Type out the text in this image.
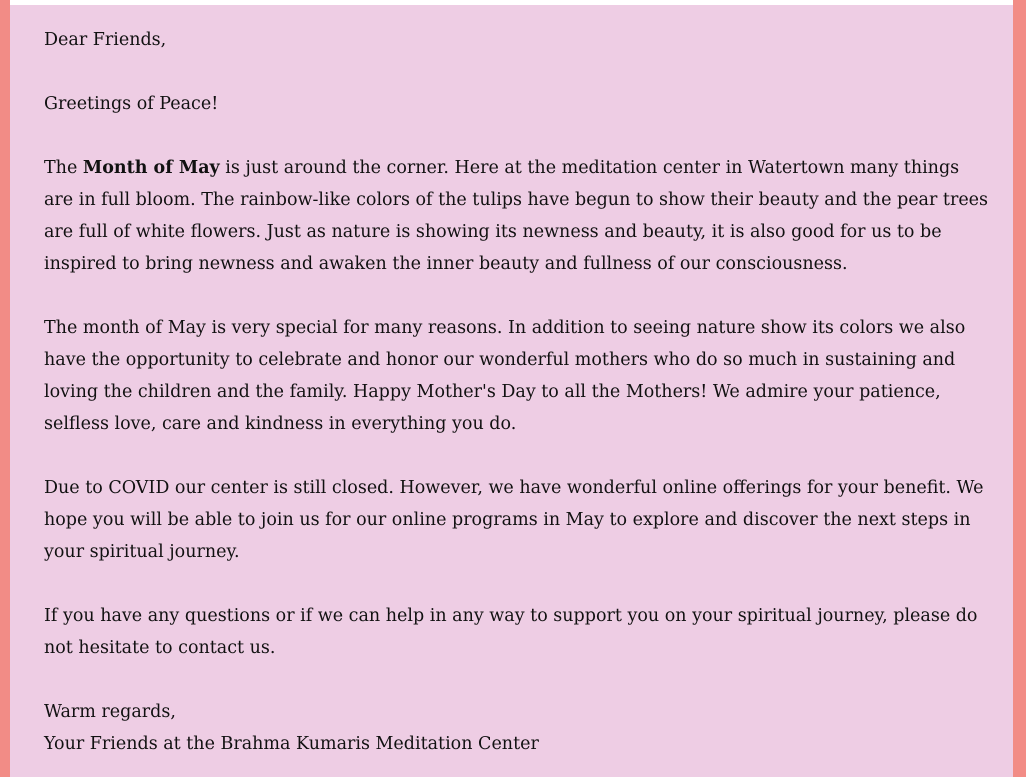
Dear Friends,

Greetings of Peace!

The Month of May is just around the corner. Here at the meditation center in Watertown many things are in full bloom. The rainbow-like colors of the tulips have begun to show their beauty and the pear trees are full of white flowers. Just as nature is showing its newness and beauty, it is also good for us to be inspired to bring newness and awaken the inner beauty and fullness of our consciousness.

The month of May is very special for many reasons. In addition to seeing nature show its colors we also have the opportunity to celebrate and honor our wonderful mothers who do so much in sustaining and loving the children and the family. Happy Mother's Day to all the Mothers! We admire your patience, selfless love, care and kindness in everything you do.

Due to COVID our center is still closed. However, we have wonderful online offerings for your benefit. We hope you will be able to join us for our online programs in May to explore and discover the next steps in your spiritual journey.

If you have any questions or if we can help in any way to support you on your spiritual journey, please do not hesitate to contact us.

Warm regards,

Your Friends at the Brahma Kumaris Meditation Center
